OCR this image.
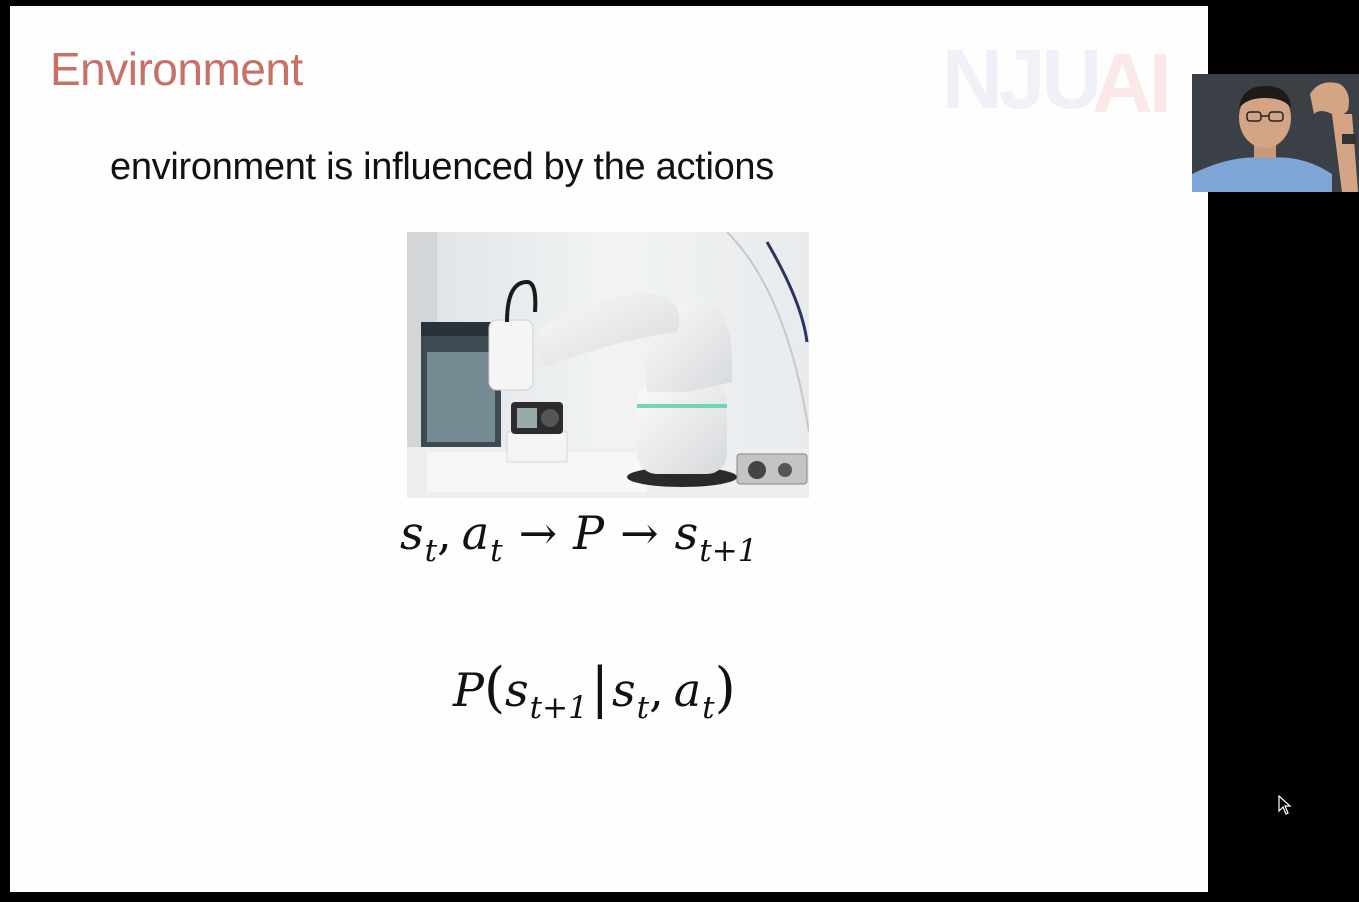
Environment	NJU
AI
environment is influenced by the actions
s t , a t → P → s t+1
P ( s t+1 | s t , a t )
